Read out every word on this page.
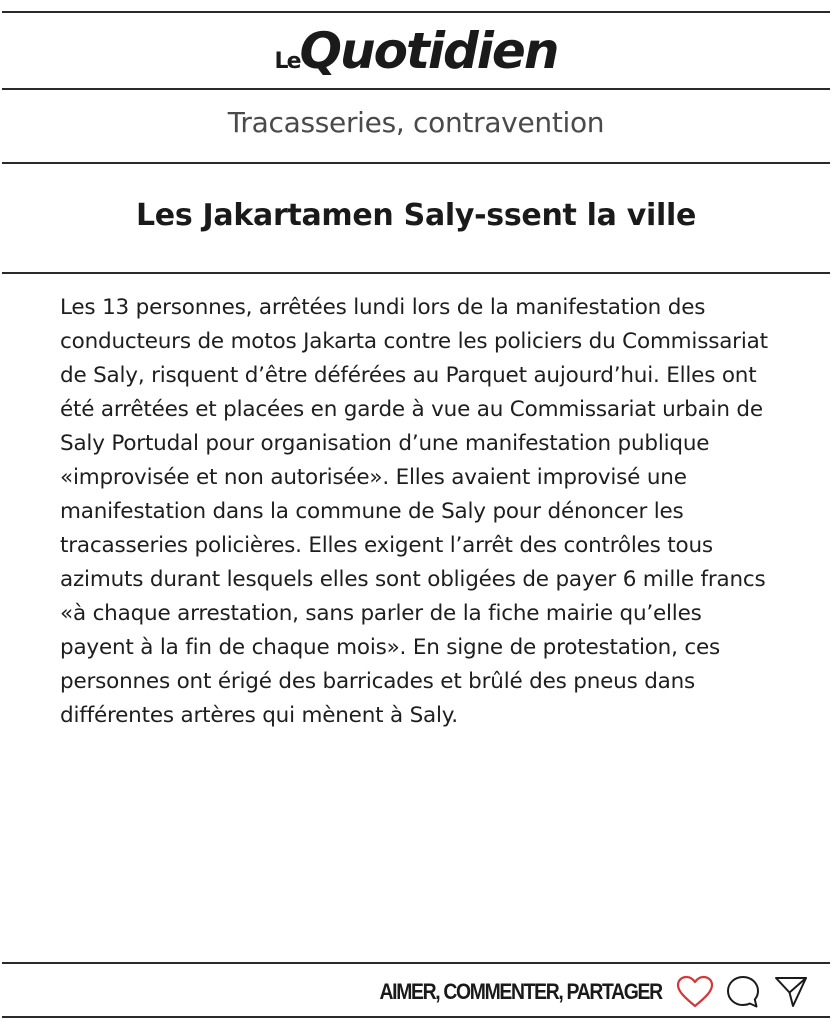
LeQuotidien
Tracasseries, contravention
Les Jakartamen Saly-ssent la ville

Les 13 personnes, arrêtées lundi lors de la manifestation des conducteurs de motos Jakarta contre les policiers du Commissariat de Saly, risquent d’être déférées au Parquet aujourd’hui. Elles ont été arrêtées et placées en garde à vue au Commissariat urbain de Saly Portudal pour organisation d’une manifestation publique «improvisée et non autorisée». Elles avaient improvisé une manifestation dans la commune de Saly pour dénoncer les tracasseries policières. Elles exigent l’arrêt des contrôles tous azimuts durant lesquels elles sont obligées de payer 6 mille francs «à chaque arrestation, sans parler de la fiche mairie qu’elles payent à la fin de chaque mois». En signe de protestation, ces personnes ont érigé des barricades et brûlé des pneus dans différentes artères qui mènent à Saly.

AIMER, COMMENTER, PARTAGER
